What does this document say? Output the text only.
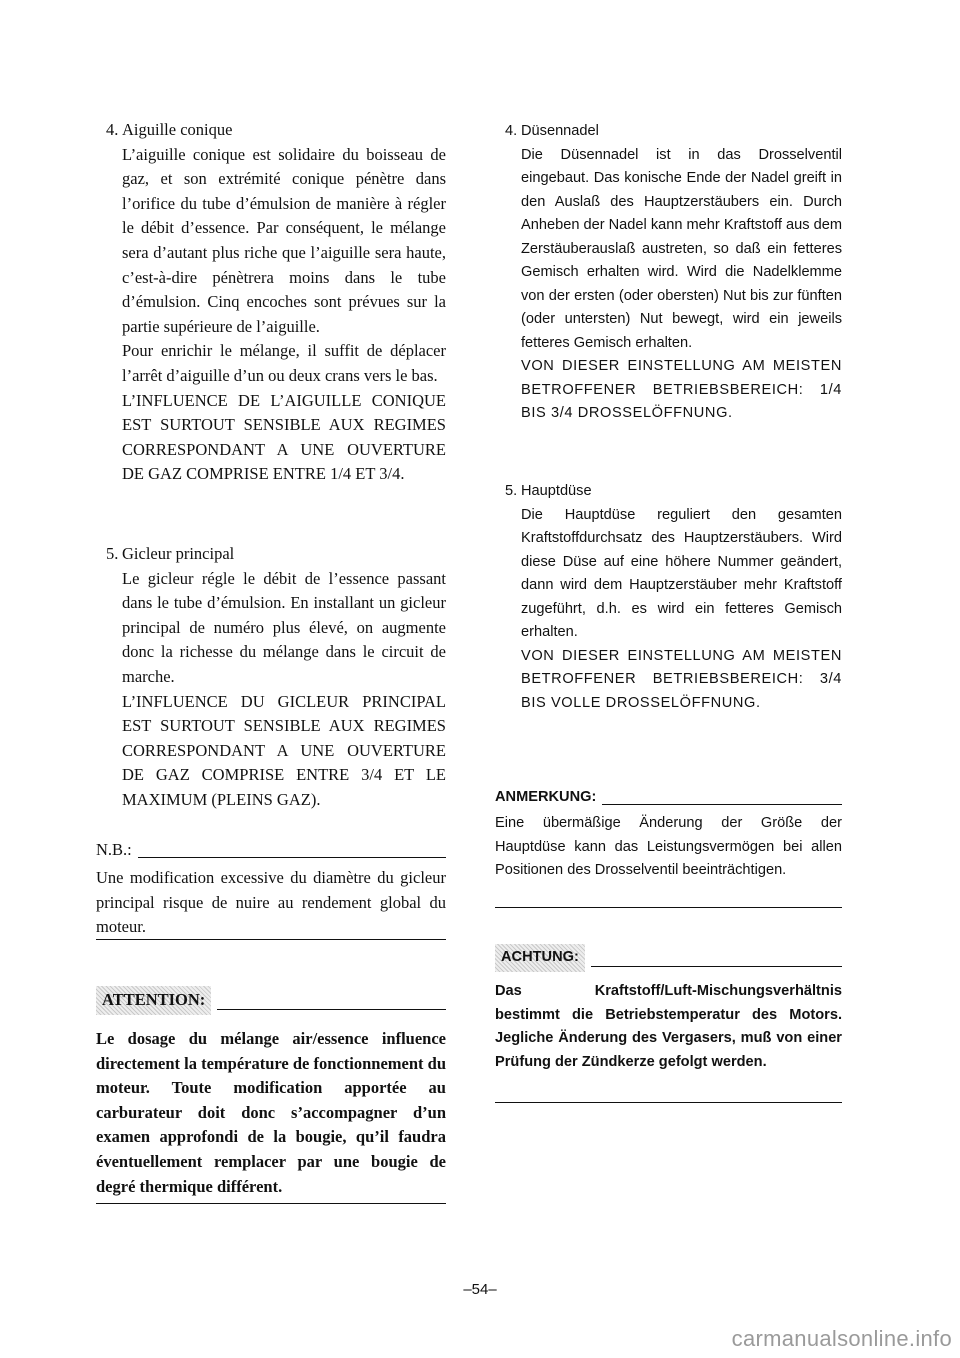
4. Aiguille conique
L’aiguille conique est solidaire du boisseau de gaz, et son extrémité conique pénètre dans l’orifice du tube d’émulsion de manière à régler le débit d’essence. Par conséquent, le mélange sera d’autant plus riche que l’aiguille sera haute, c’est-à-dire pénètrera moins dans le tube d’émulsion. Cinq encoches sont prévues sur la partie supérieure de l’aiguille.
Pour enrichir le mélange, il suffit de déplacer l’arrêt d’aiguille d’un ou deux crans vers le bas.
L’INFLUENCE DE L’AIGUILLE CONIQUE EST SURTOUT SENSIBLE AUX REGIMES CORRESPONDANT A UNE OUVERTURE DE GAZ COMPRISE ENTRE 1/4 ET 3/4.
5. Gicleur principal
Le gicleur régle le débit de l’essence passant dans le tube d’émulsion. En installant un gicleur principal de numéro plus élevé, on augmente donc la richesse du mélange dans le circuit de marche.
L’INFLUENCE DU GICLEUR PRINCIPAL EST SURTOUT SENSIBLE AUX REGIMES CORRESPONDANT A UNE OUVERTURE DE GAZ COMPRISE ENTRE 3/4 ET LE MAXIMUM (PLEINS GAZ).
N.B.:
Une modification excessive du diamètre du gicleur principal risque de nuire au rendement global du moteur.
ATTENTION:
Le dosage du mélange air/essence influence directement la température de fonctionnement du moteur. Toute modification apportée au carburateur doit donc s’accompagner d’un examen approfondi de la bougie, qu’il faudra éventuellement remplacer par une bougie de degré thermique différent.
4. Düsennadel
Die Düsennadel ist in das Drosselventil eingebaut. Das konische Ende der Nadel greift in den Auslaß des Hauptzerstäubers ein. Durch Anheben der Nadel kann mehr Kraftstoff aus dem Zerstäuberauslaß austreten, so daß ein fetteres Gemisch erhalten wird. Wird die Nadelklemme von der ersten (oder obersten) Nut bis zur fünften (oder untersten) Nut bewegt, wird ein jeweils fetteres Gemisch erhalten.
VON DIESER EINSTELLUNG AM MEISTEN BETROFFENER BETRIEBSBEREICH: 1/4 BIS 3/4 DROSSELÖFFNUNG.
5. Hauptdüse
Die Hauptdüse reguliert den gesamten Kraftstoffdurchsatz des Hauptzerstäubers. Wird diese Düse auf eine höhere Nummer geändert, dann wird dem Hauptzerstäuber mehr Kraftstoff zugeführt, d.h. es wird ein fetteres Gemisch erhalten.
VON DIESER EINSTELLUNG AM MEISTEN BETROFFENER BETRIEBSBEREICH: 3/4 BIS VOLLE DROSSELÖFFNUNG.
ANMERKUNG:
Eine übermäßige Änderung der Größe der Hauptdüse kann das Leistungsvermögen bei allen Positionen des Drosselventil beeinträchtigen.
ACHTUNG:
Das Kraftstoff/Luft-Mischungsverhältnis bestimmt die Betriebstemperatur des Motors. Jegliche Änderung des Vergasers, muß von einer Prüfung der Zündkerze gefolgt werden.
–54–
carmanualsonline.info
